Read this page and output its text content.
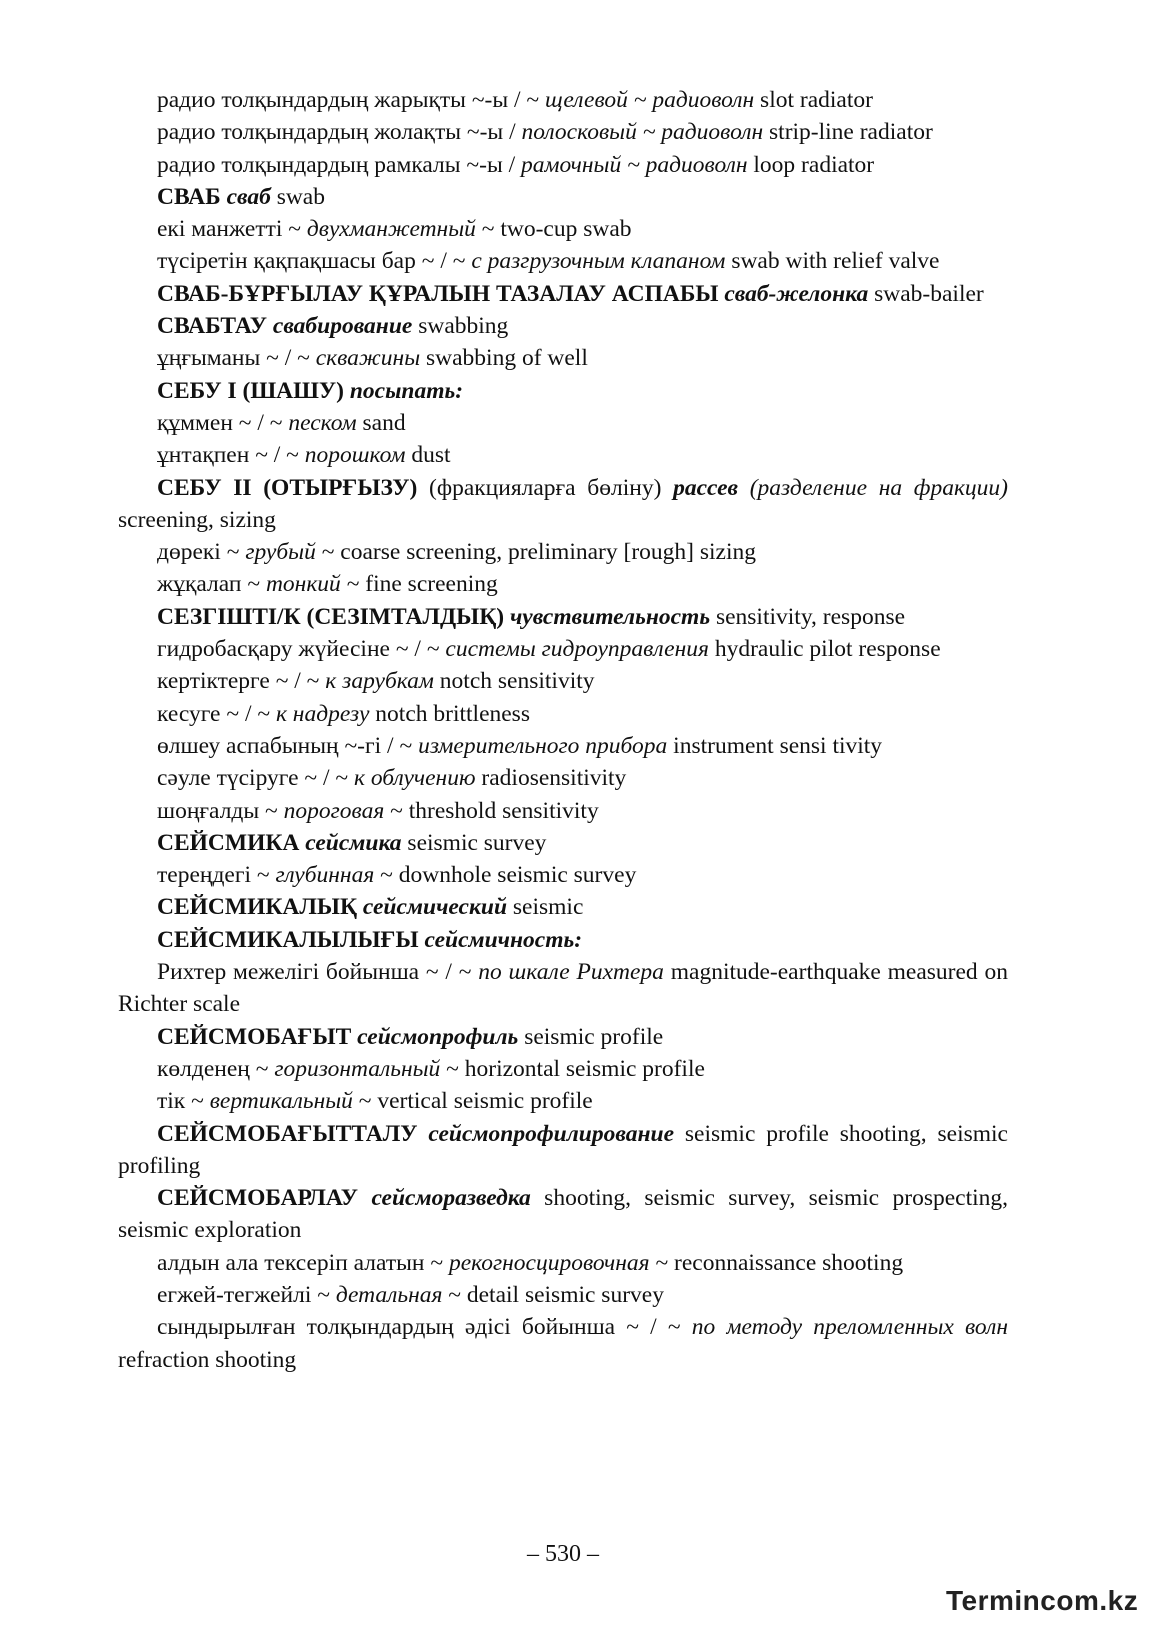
радио толқындардың жарықты ~-ы / ~ щелевой ~ радиоволн slot radiator

радио толқындардың жолақты ~-ы / полосковый ~ радиоволн strip-line radiator

радио толқындардың рамкалы ~-ы / рамочный ~ радиоволн loop radiator

СВАБ сваб swab

екі манжетті ~ двухманжетный ~ two-cup swab

түсіретін қақпақшасы бар ~ / ~ с разгрузочным клапаном swab with relief valve

СВАБ-БҰРҒЫЛАУ ҚҰРАЛЫН ТАЗАЛАУ АСПАБЫ сваб-желонка swab-bailer

СВАБТАУ свабирование swabbing

ұңғыманы ~ / ~ скважины swabbing of well

СЕБУ І (ШАШУ) посыпать:

құммен ~ / ~ песком sand

ұнтақпен ~ / ~ порошком dust

СЕБУ ІІ (ОТЫРҒЫЗУ) (фракцияларға бөліну) рассев (разделение на фракции) screening, sizing

дөрекі ~ грубый ~ coarse screening, preliminary [rough] sizing

жұқалап ~ тонкий ~ fine screening

СЕЗГІШТІ/К (СЕЗІМТАЛДЫҚ) чувствительность sensitivity, response

гидробасқару жүйесіне ~ / ~ системы гидроуправления hydraulic pilot response

кертіктерге ~ / ~ к зарубкам notch sensitivity

кесуге ~ / ~ к надрезу notch brittleness

өлшеу аспабының ~-гі / ~ измерительного прибора instrument sensi tivity

сәуле түсіруге ~ / ~ к облучению radiosensitivity

шоңғалды ~ пороговая ~ threshold sensitivity

СЕЙСМИКА сейсмика seismic survey

тереңдегі ~ глубинная ~ downhole seismic survey

СЕЙСМИКАЛЫҚ сейсмический seismic

СЕЙСМИКАЛЫЛЫҒЫ сейсмичность:

Рихтер межелігі бойынша ~ / ~ по шкале Рихтера magnitude-earthquake measured on Richter scale

СЕЙСМОБАҒЫТ сейсмопрофиль seismic profile

көлденең ~ горизонтальный ~ horizontal seismic profile

тік ~ вертикальный ~ vertical seismic profile

СЕЙСМОБАҒЫТТАЛУ сейсмопрофилирование seismic profile shooting, seismic profiling

СЕЙСМОБАРЛАУ сейсморазведка shooting, seismic survey, seismic prospecting, seismic exploration

алдын ала тексеріп алатын ~ рекогносцировочная ~ reconnaissance shooting

егжей-тегжейлі ~ детальная ~ detail seismic survey

сындырылған толқындардың әдісі бойынша ~ / ~ по методу преломленных волн refraction shooting

– 530 –
Termincom.kz
